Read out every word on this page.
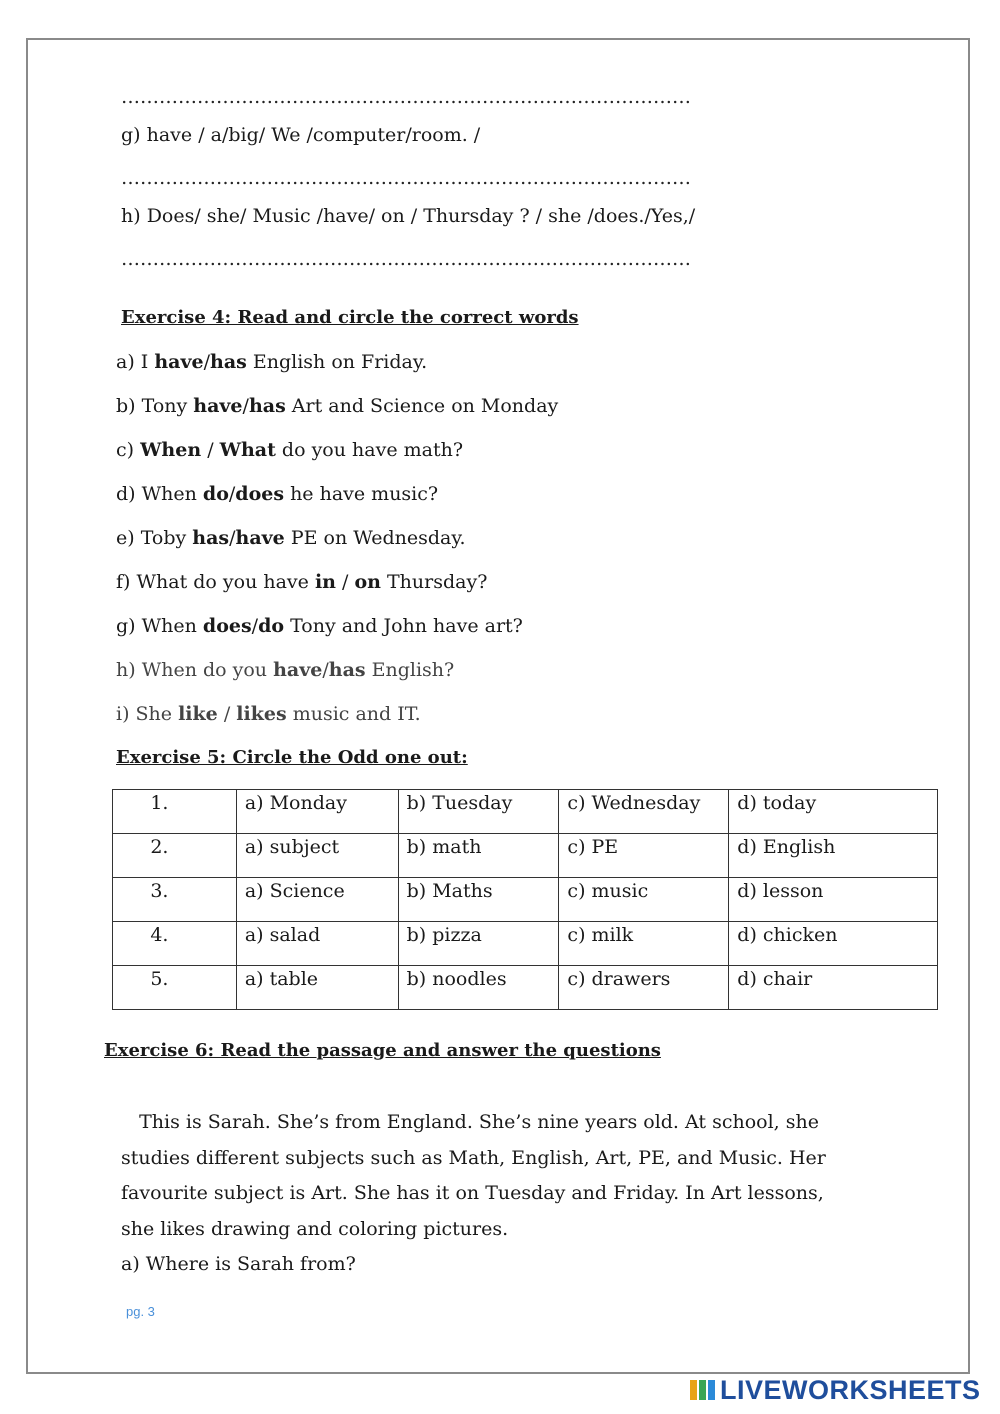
………………………………………………………………………………
g) have / a/big/ We /computer/room. /
………………………………………………………………………………
h) Does/ she/ Music /have/ on / Thursday ? / she /does./Yes,/
………………………………………………………………………………
Exercise 4: Read and circle the correct words
a) I have/has English on Friday.
b) Tony have/has Art and Science on Monday
c) When / What do you have math?
d) When do/does he have music?
e) Toby has/have PE on Wednesday.
f) What do you have in / on Thursday?
g) When does/do Tony and John have art?
h) When do you have/has English?
i) She like / likes music and IT.
Exercise 5: Circle the Odd one out:
1.	a) Monday	b) Tuesday	c) Wednesday	d) today
2.	a) subject	b) math	c) PE	d) English
3.	a) Science	b) Maths	c) music	d) lesson
4.	a) salad	b) pizza	c) milk	d) chicken
5.	a) table	b) noodles	c) drawers	d) chair
Exercise 6: Read the passage and answer the questions
This is Sarah. She’s from England. She’s nine years old. At school, she
studies different subjects such as Math, English, Art, PE, and Music. Her
favourite subject is Art. She has it on Tuesday and Friday. In Art lessons,
she likes drawing and coloring pictures.
a) Where is Sarah from?
pg. 3
LIVEWORKSHEETS
